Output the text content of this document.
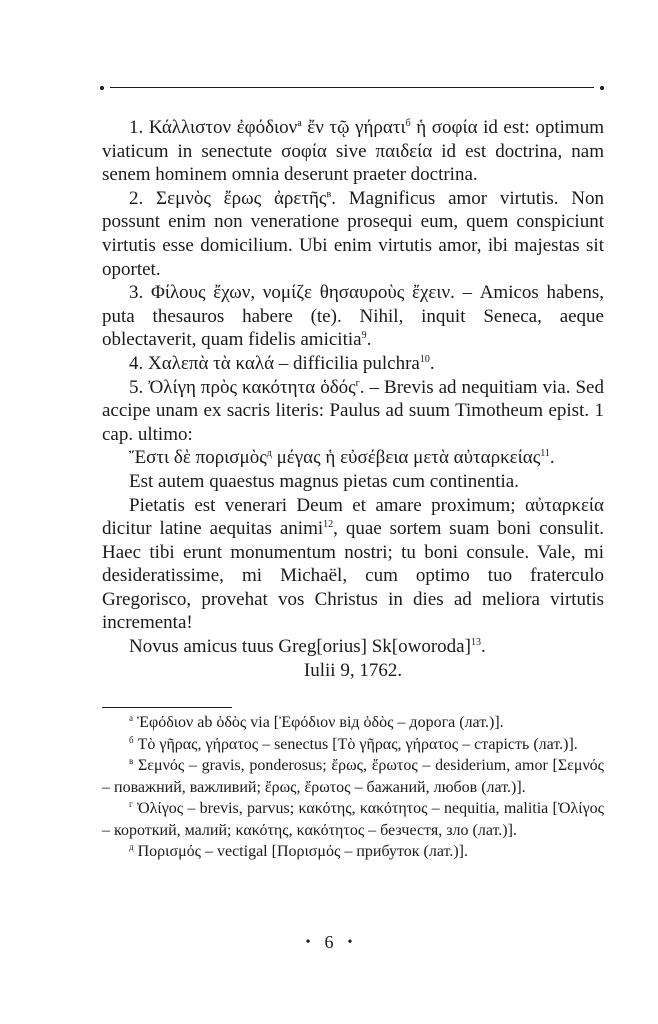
1. Κάλλιστον ἐφόδιον$^а$ ἔν τῷ γήρατι$^б$ ἡ σοφία id est: optimum viaticum in senectute σοφία sive παιδεία id est doctrina, nam senem hominem omnia deserunt praeter doctrina.

2. Σεμνὸς ἔρως ἀρετῆς$^в$. Magnificus amor virtutis. Non possunt enim non veneratione prosequi eum, quem conspiciunt virtutis esse domicilium. Ubi enim virtutis amor, ibi majestas sit oportet.

3. Φίλους ἔχων, νομίζε θησαυροὺς ἔχειν. – Amicos habens, puta thesauros habere (te). Nihil, inquit Seneca, aeque oblectaverit, quam fidelis amicitia$^9$.

4. Χαλεπὰ τὰ καλά – difficilia pulchra$^{10}$.

5. Ὀλίγη πρὸς κακότητα ὁδός$^г$. – Brevis ad nequitiam via. Sed accipe unam ex sacris literis: Paulus ad suum Timotheum epist. 1 cap. ultimo:

Ἔστι δὲ πορισμὸς$^д$ μέγας ἡ εὐσέβεια μετὰ αὐταρκείας$^{11}$.

Est autem quaestus magnus pietas cum continentia.

Pietatis est venerari Deum et amare proximum; αὐταρκεία dicitur latine aequitas animi$^{12}$, quae sortem suam boni consulit. Haec tibi erunt monumentum nostri; tu boni consule. Vale, mi desideratissime, mi Michaël, cum optimo tuo fraterculo Gregorisco, provehat vos Christus in dies ad meliora virtutis incrementa!

Novus amicus tuus Greg[orius] Sk[oworoda]$^{13}$.

Iulii 9, 1762.

$^а$ Ἐφόδιον ab ὁδὸς via [Ἐφόδιον від ὁδὸς – дорога (лат.)].

$^б$ Τὸ γῆρας, γήρατος – senectus [Τὸ γῆρας, γήρατος – старість (лат.)].

$^в$ Σεμνός – gravis, ponderosus; ἔρως, ἔρωτος – desiderium, amor [Σεμνός – поважний, важливий; ἔρως, ἔρωτος – бажаний, любов (лат.)].

$^г$ Ὀλίγος – brevis, parvus; κακότης, κακότητος – nequitia, malitia [Ὀλίγος – короткий, малий; κακότης, κακότητος – безчестя, зло (лат.)].

$^д$ Πορισμός – vectigal [Πορισμός – прибуток (лат.)].

• 6 •
